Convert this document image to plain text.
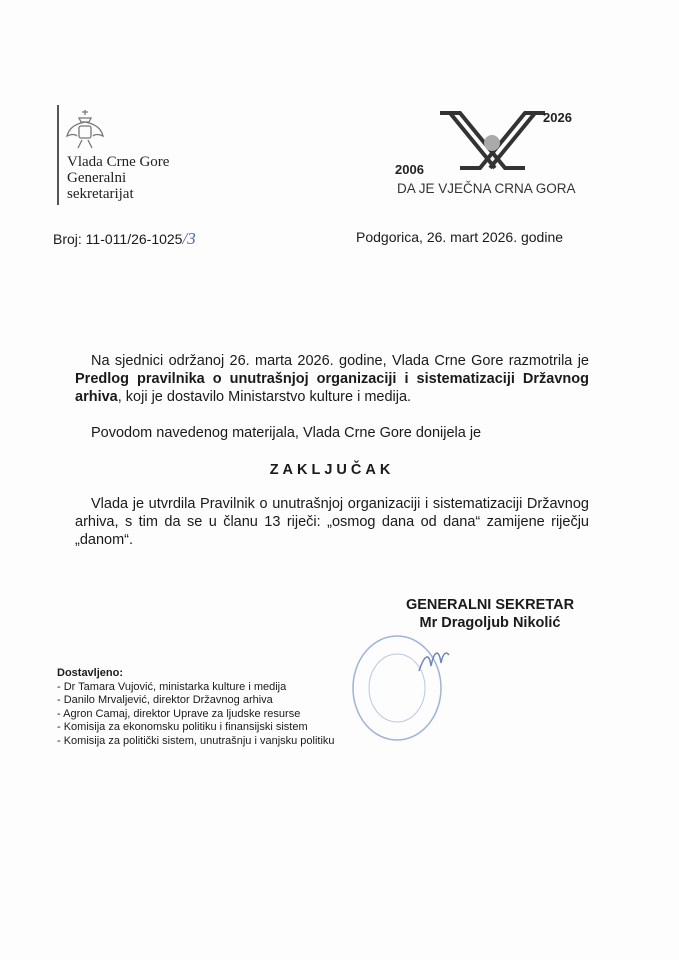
Vlada Crne Gore
Generalni
sekretarijat
2026
2006
DA JE VJEČNA CRNA GORA
Broj: 11-011/26-1025/3	Podgorica, 26. mart 2026. godine
Na sjednici održanoj 26. marta 2026. godine, Vlada Crne Gore razmotrila je Predlog pravilnika o unutrašnjoj organizaciji i sistematizaciji Državnog arhiva, koji je dostavilo Ministarstvo kulture i medija.
Povodom navedenog materijala, Vlada Crne Gore donijela je
ZAKLJUČAK
Vlada je utvrdila Pravilnik o unutrašnjoj organizaciji i sistematizaciji Državnog arhiva, s tim da se u članu 13 riječi: „osmog dana od dana“ zamijene riječju „danom“.
GENERALNI SEKRETAR
Mr Dragoljub Nikolić
Dostavljeno:
- Dr Tamara Vujović, ministarka kulture i medija
- Danilo Mrvaljević, direktor Državnog arhiva
- Agron Camaj, direktor Uprave za ljudske resurse
- Komisija za ekonomsku politiku i finansijski sistem
- Komisija za politički sistem, unutrašnju i vanjsku politiku
